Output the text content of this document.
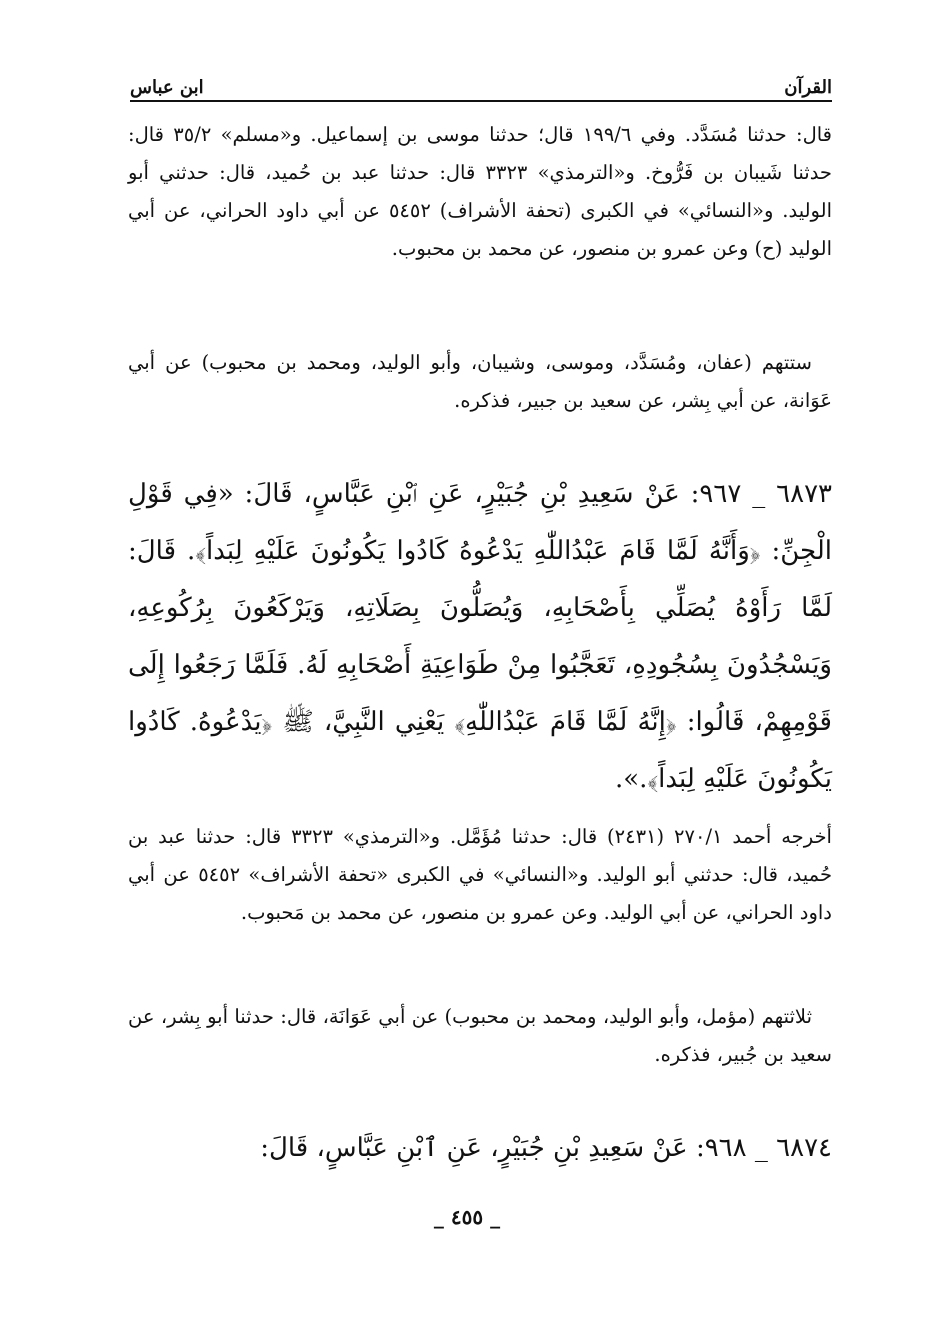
القرآن
ابن عباس

قال: حدثنا مُسَدَّد. وفي ١٩٩/٦ قال؛ حدثنا موسى بن إسماعيل. و«مسلم» ٣٥/٢ قال: حدثنا شَيبان بن فَرُّوخ. و«الترمذي» ٣٣٢٣ قال: حدثنا عبد بن حُميد، قال: حدثني أبو الوليد. و«النسائي» في الكبرى (تحفة الأشراف) ٥٤٥٢ عن أبي داود الحراني، عن أبي الوليد (ح) وعن عمرو بن منصور، عن محمد بن محبوب.

ستتهم (عفان، ومُسَدَّد، وموسى، وشيبان، وأبو الوليد، ومحمد بن محبوب) عن أبي عَوَانة، عن أبي بِشر، عن سعيد بن جبير، فذكره.

٦٨٧٣ _ ٩٦٧: عَنْ سَعِيدِ بْنِ جُبَيْرٍ، عَنِ ٱبْنِ عَبَّاسٍ، قَالَ: «فِي قَوْلِ الْجِنِّ: ﴿وَأَنَّهُ لَمَّا قَامَ عَبْدُاللّٰهِ يَدْعُوهُ كَادُوا يَكُونُونَ عَلَيْهِ لِبَداً﴾. قَالَ: لَمَّا رَأَوْهُ يُصَلِّي بِأَصْحَابِهِ، وَيُصَلُّونَ بِصَلَاتِهِ، وَيَرْكَعُونَ بِرُكُوعِهِ، وَيَسْجُدُونَ بِسُجُودِهِ، تَعَجَّبُوا مِنْ طَوَاعِيَةِ أَصْحَابِهِ لَهُ. فَلَمَّا رَجَعُوا إِلَى قَوْمِهِمْ، قَالُوا: ﴿إِنَّهُ لَمَّا قَامَ عَبْدُاللّٰهِ﴾ يَعْنِي النَّبِيَّ، ﷺ ﴿يَدْعُوهُ. كَادُوا يَكُونُونَ عَلَيْهِ لِبَداً﴾.».

أخرجه أحمد ٢٧٠/١ (٢٤٣١) قال: حدثنا مُؤَمَّل. و«الترمذي» ٣٣٢٣ قال: حدثنا عبد بن حُميد، قال: حدثني أبو الوليد. و«النسائي» في الكبرى «تحفة الأشراف» ٥٤٥٢ عن أبي داود الحراني، عن أبي الوليد. وعن عمرو بن منصور، عن محمد بن مَحبوب.

ثلاثتهم (مؤمل، وأبو الوليد، ومحمد بن محبوب) عن أبي عَوَانَة، قال: حدثنا أبو بِشر، عن سعيد بن جُبير، فذكره.

٦٨٧٤ _ ٩٦٨: عَنْ سَعِيدِ بْنِ جُبَيْرٍ، عَنِ ٱبْنِ عَبَّاسٍ، قَالَ:

_ ٤٥٥ _
